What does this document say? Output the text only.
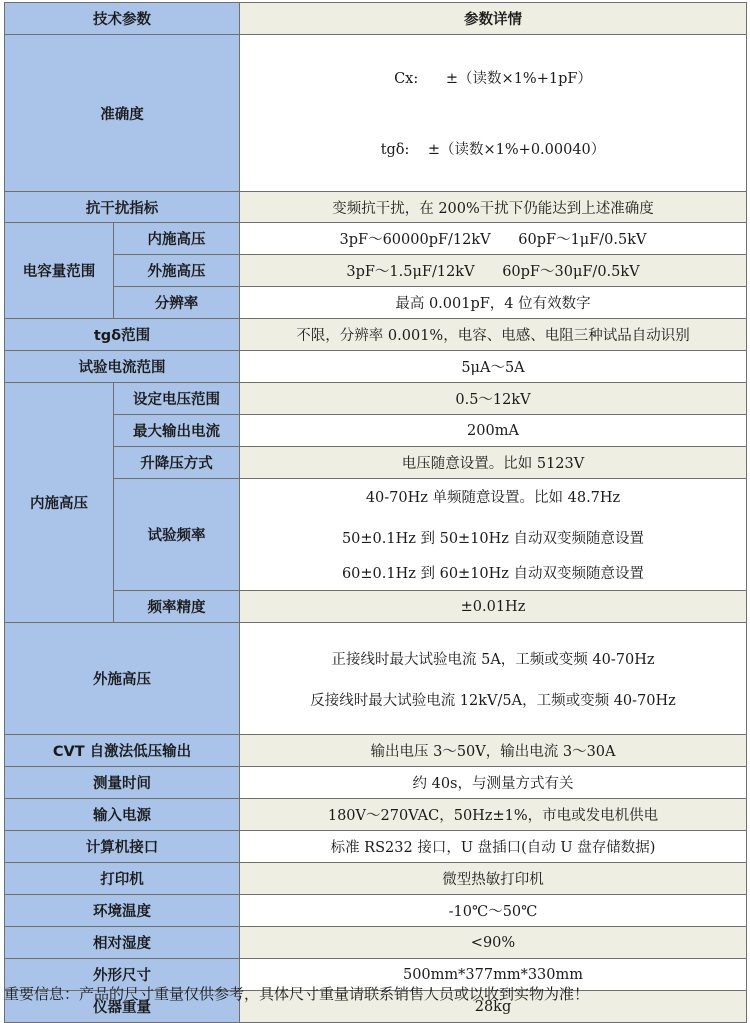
技术参数		参数详情
准确度		Cx:      ±（读数×1%+1pF）

tgδ:    ±（读数×1%+0.00040）

抗干扰指标		变频抗干扰，在 200%干扰下仍能达到上述准确度
电容量范围	内施高压	3pF～60000pF/12kV      60pF～1μF/0.5kV
	外施高压	3pF～1.5μF/12kV      60pF～30μF/0.5kV
	分辨率	最高 0.001pF，4 位有效数字
tgδ范围		不限，分辨率 0.001%，电容、电感、电阻三种试品自动识别
试验电流范围		5μA～5A
内施高压	设定电压范围	0.5～12kV
	最大输出电流	200mA
	升降压方式	电压随意设置。比如 5123V
	试验频率	40-70Hz 单频随意设置。比如 48.7Hz
50±0.1Hz 到 50±10Hz 自动双变频随意设置
60±0.1Hz 到 60±10Hz 自动双变频随意设置

	频率精度	±0.01Hz
外施高压		正接线时最大试验电流 5A，工频或变频 40-70Hz
反接线时最大试验电流 12kV/5A，工频或变频 40-70Hz

CVT 自激法低压输出		输出电压 3～50V，输出电流 3～30A
测量时间		约 40s，与测量方式有关
输入电源		180V～270VAC，50Hz±1%，市电或发电机供电
计算机接口		标准 RS232 接口，U 盘插口(自动 U 盘存储数据)
打印机		微型热敏打印机
环境温度		-10℃～50℃
相对湿度		<90%
外形尺寸		500mm*377mm*330mm
仪器重量		28kg
重要信息：产品的尺寸重量仅供参考，具体尺寸重量请联系销售人员或以收到实物为准！
